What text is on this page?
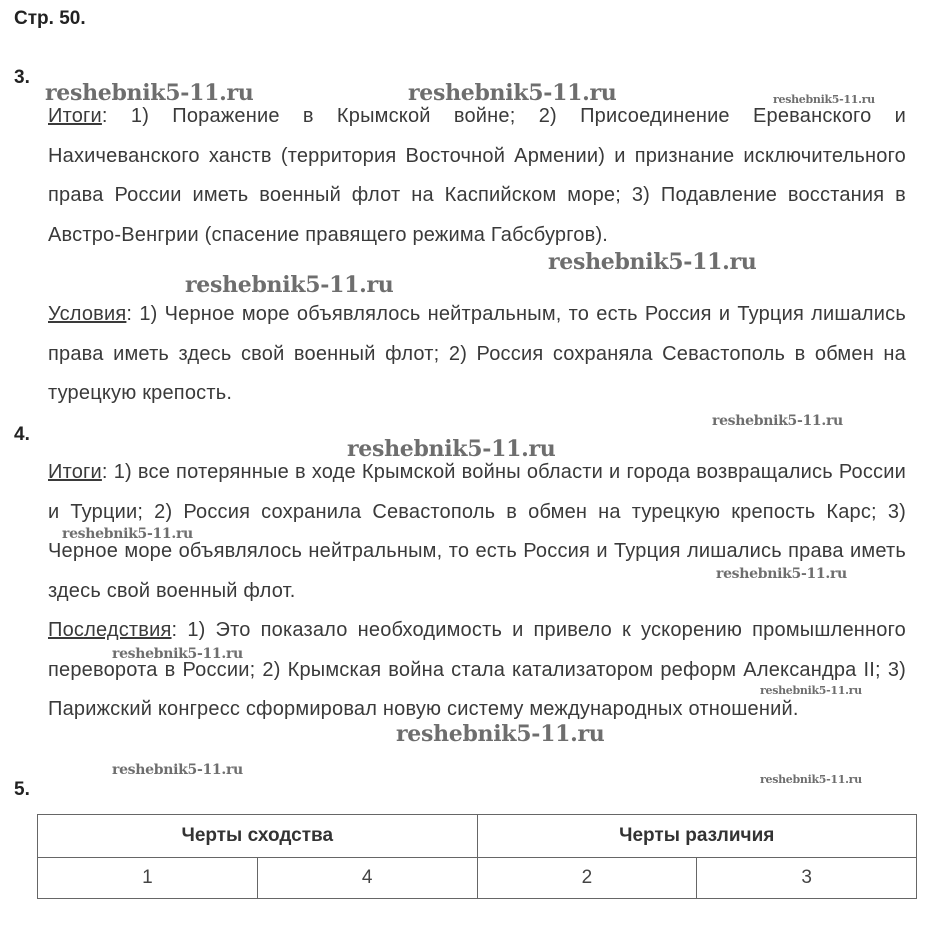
Стр. 50.
3.
Итоги: 1) Поражение в Крымской войне; 2) Присоединение Ереванского и Нахичеванского ханств (территория Восточной Армении) и признание исключительного права России иметь военный флот на Каспийском море; 3) Подавление восстания в Австро-Венгрии (спасение правящего режима Габсбургов).
Условия: 1) Черное море объявлялось нейтральным, то есть Россия и Турция лишались права иметь здесь свой военный флот; 2) Россия сохраняла Севастополь в обмен на турецкую крепость.
4.
Итоги: 1) все потерянные в ходе Крымской войны области и города возвращались России и Турции; 2) Россия сохранила Севастополь в обмен на турецкую крепость Карс; 3) Черное море объявлялось нейтральным, то есть Россия и Турция лишались права иметь здесь свой военный флот.
Последствия: 1) Это показало необходимость и привело к ускорению промышленного переворота в России; 2) Крымская война стала катализатором реформ Александра II; 3) Парижский конгресс сформировал новую систему международных отношений.
5.
Черты сходства		Черты различия	
1	4	2	3
reshebnik5-11.ru	reshebnik5-11.ru	reshebnik5-11.ru
reshebnik5-11.ru
reshebnik5-11.ru
reshebnik5-11.ru
reshebnik5-11.ru
reshebnik5-11.ru
reshebnik5-11.ru
reshebnik5-11.ru
reshebnik5-11.ru
reshebnik5-11.ru
reshebnik5-11.ru
reshebnik5-11.ru
